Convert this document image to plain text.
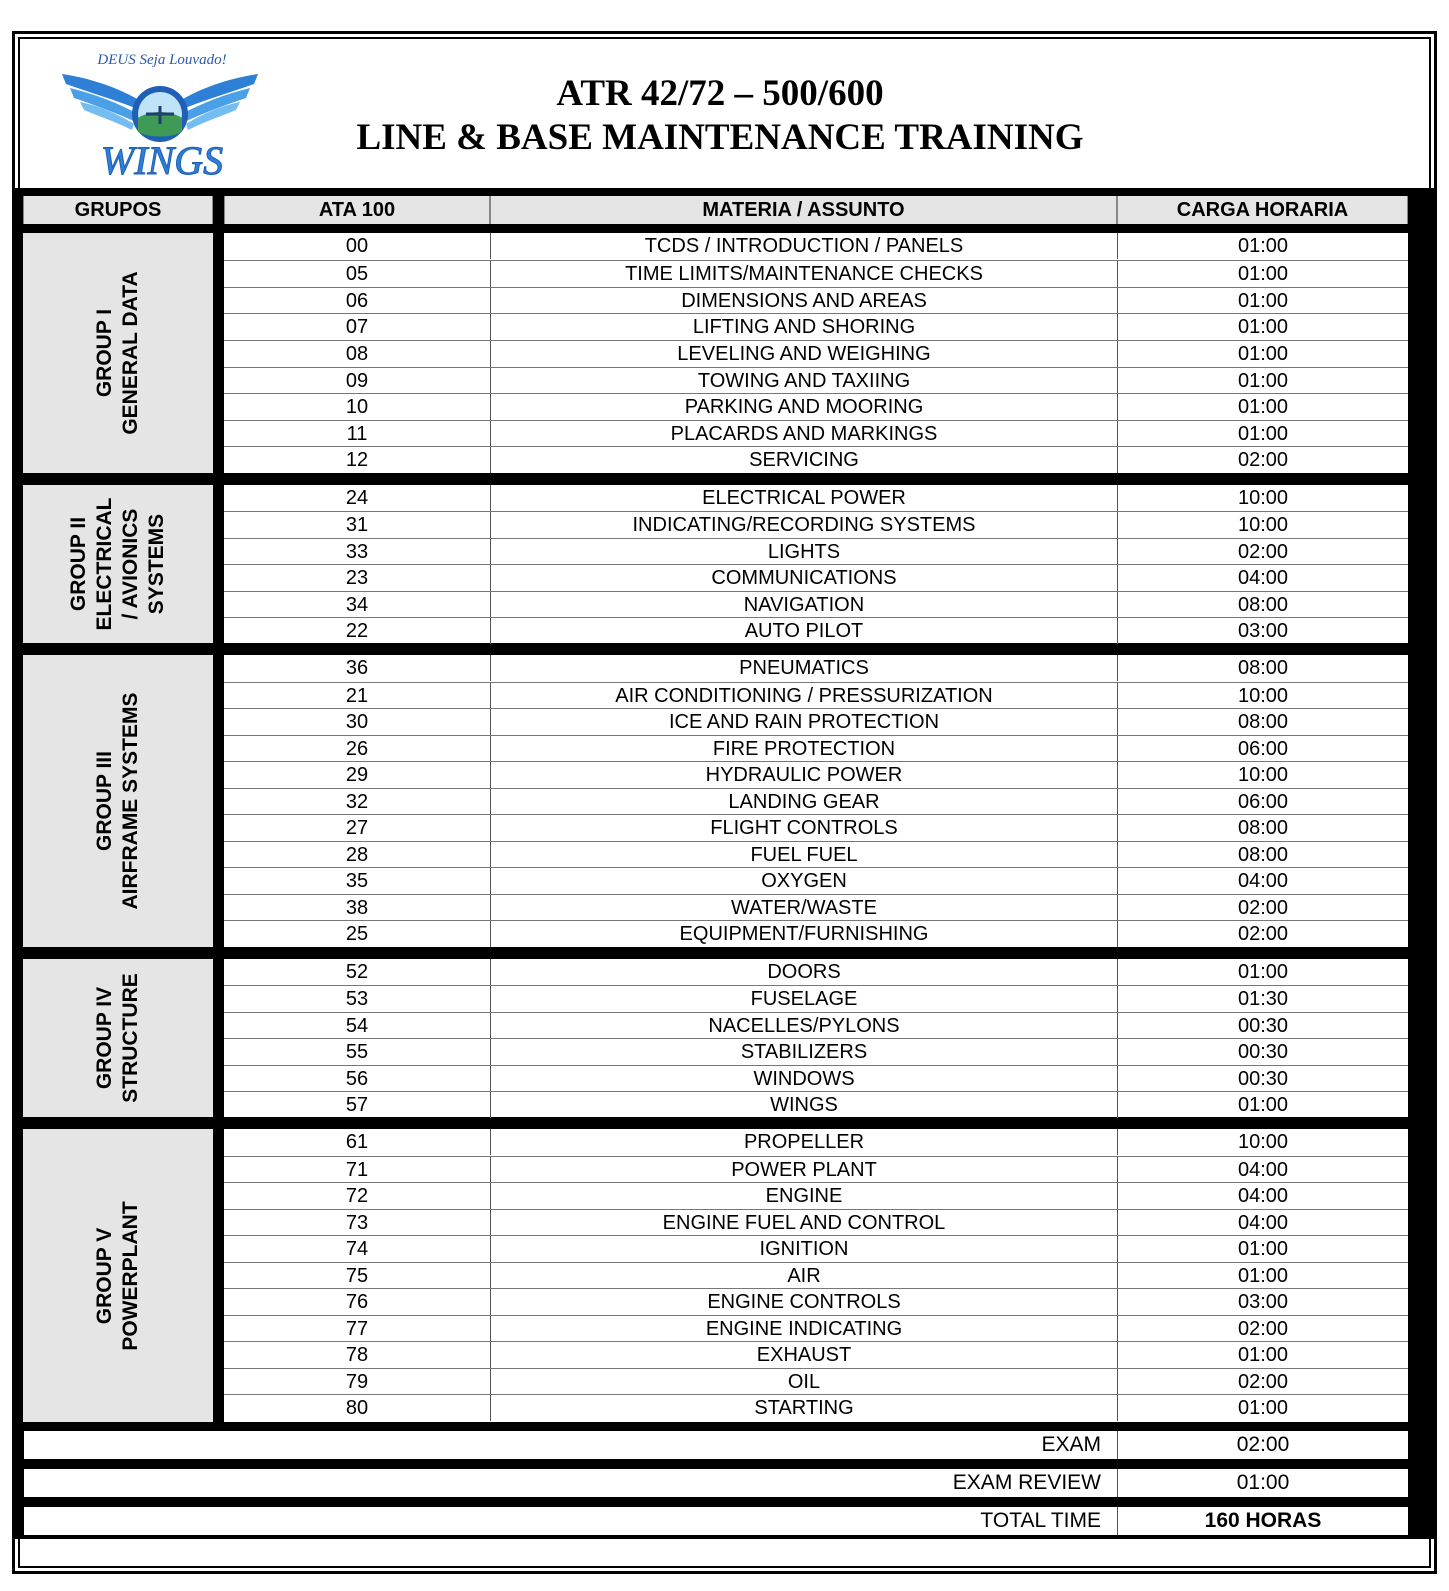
DEUS Seja Louvado!
WINGS
ATR 42/72 – 500/600
LINE & BASE MAINTENANCE TRAINING
GRUPOS	ATA 100	MATERIA / ASSUNTO	CARGA HORARIA
GROUP I GENERAL DATA
00	TCDS / INTRODUCTION / PANELS	01:00
05	TIME LIMITS/MAINTENANCE CHECKS	01:00
06	DIMENSIONS AND AREAS	01:00
07	LIFTING AND SHORING	01:00
08	LEVELING AND WEIGHING	01:00
09	TOWING AND TAXIING	01:00
10	PARKING AND MOORING	01:00
11	PLACARDS AND MARKINGS	01:00
12	SERVICING	02:00
GROUP II ELECTRICAL / AVIONICS SYSTEMS
24	ELECTRICAL POWER	10:00
31	INDICATING/RECORDING SYSTEMS	10:00
33	LIGHTS	02:00
23	COMMUNICATIONS	04:00
34	NAVIGATION	08:00
22	AUTO PILOT	03:00
GROUP III AIRFRAME SYSTEMS
36	PNEUMATICS	08:00
21	AIR CONDITIONING / PRESSURIZATION	10:00
30	ICE AND RAIN PROTECTION	08:00
26	FIRE PROTECTION	06:00
29	HYDRAULIC POWER	10:00
32	LANDING GEAR	06:00
27	FLIGHT CONTROLS	08:00
28	FUEL FUEL	08:00
35	OXYGEN	04:00
38	WATER/WASTE	02:00
25	EQUIPMENT/FURNISHING	02:00
GROUP IV STRUCTURE
52	DOORS	01:00
53	FUSELAGE	01:30
54	NACELLES/PYLONS	00:30
55	STABILIZERS	00:30
56	WINDOWS	00:30
57	WINGS	01:00
GROUP V POWERPLANT
61	PROPELLER	10:00
71	POWER PLANT	04:00
72	ENGINE	04:00
73	ENGINE FUEL AND CONTROL	04:00
74	IGNITION	01:00
75	AIR	01:00
76	ENGINE CONTROLS	03:00
77	ENGINE INDICATING	02:00
78	EXHAUST	01:00
79	OIL	02:00
80	STARTING	01:00
EXAM	02:00
EXAM REVIEW	01:00
TOTAL TIME	160 HORAS
